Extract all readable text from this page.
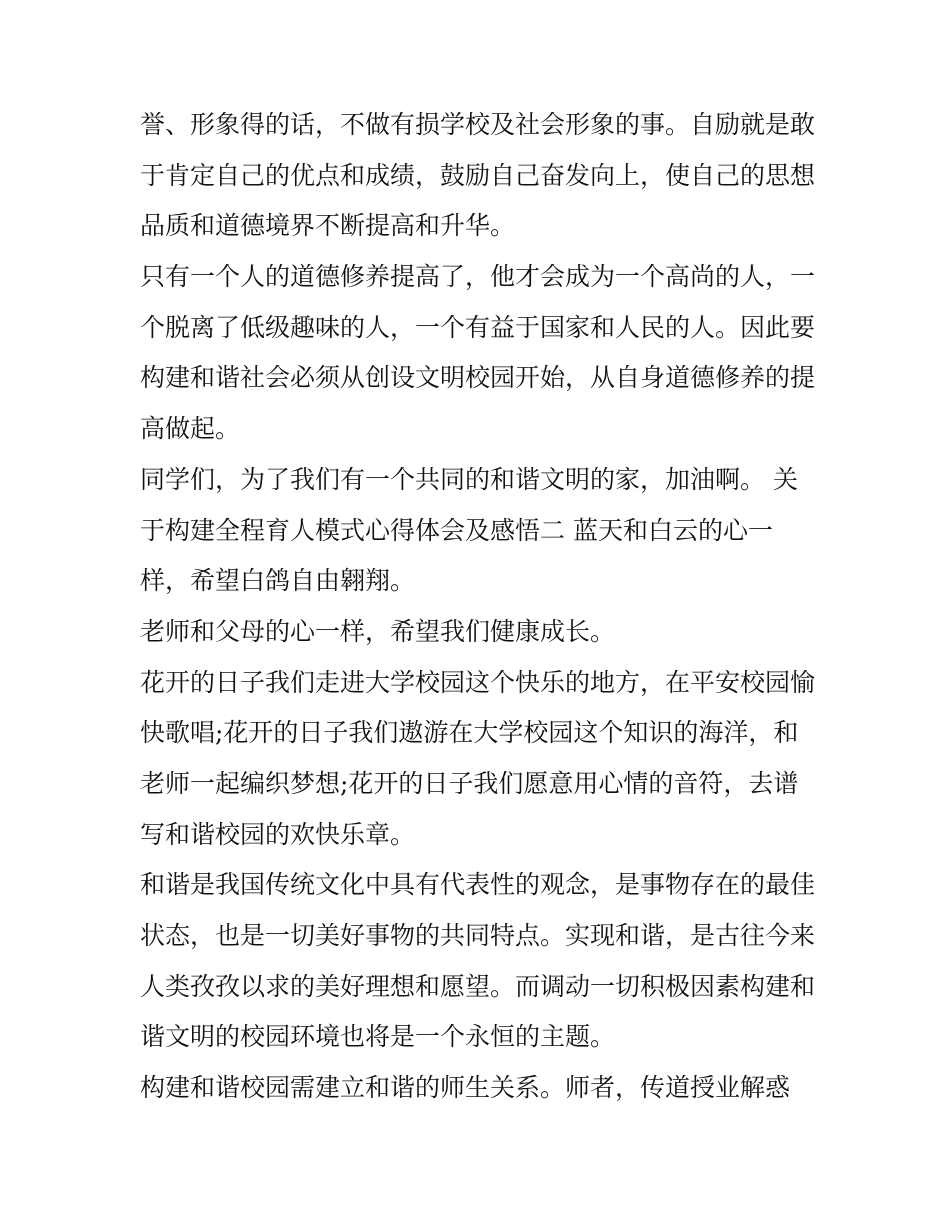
誉、形象得的话，不做有损学校及社会形象的事。自励就是敢
于肯定自己的优点和成绩，鼓励自己奋发向上，使自己的思想
品质和道德境界不断提高和升华。

只有一个人的道德修养提高了，他才会成为一个高尚的人，一
个脱离了低级趣味的人，一个有益于国家和人民的人。因此要
构建和谐社会必须从创设文明校园开始，从自身道德修养的提
高做起。

同学们，为了我们有一个共同的和谐文明的家，加油啊。 关
于构建全程育人模式心得体会及感悟二 蓝天和白云的心一
样，希望白鸽自由翱翔。

老师和父母的心一样，希望我们健康成长。

花开的日子我们走进大学校园这个快乐的地方，在平安校园愉
快歌唱;花开的日子我们遨游在大学校园这个知识的海洋，和
老师一起编织梦想;花开的日子我们愿意用心情的音符，去谱
写和谐校园的欢快乐章。

和谐是我国传统文化中具有代表性的观念，是事物存在的最佳
状态，也是一切美好事物的共同特点。实现和谐，是古往今来
人类孜孜以求的美好理想和愿望。而调动一切积极因素构建和
谐文明的校园环境也将是一个永恒的主题。

构建和谐校园需建立和谐的师生关系。师者，传道授业解惑
